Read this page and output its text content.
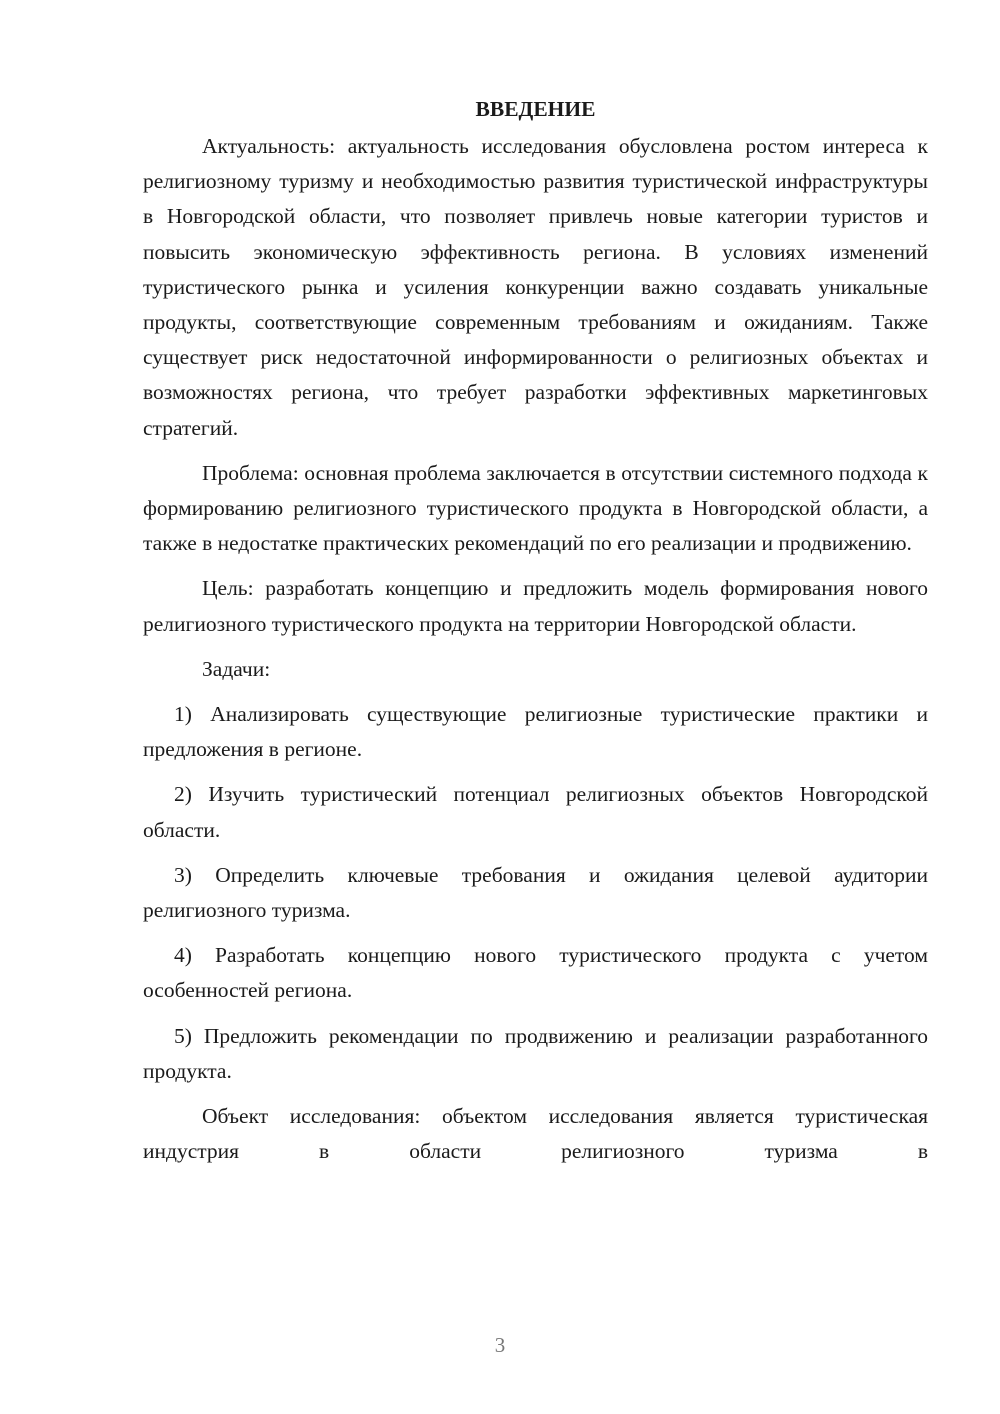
ВВЕДЕНИЕ

Актуальность: актуальность исследования обусловлена ростом интереса к религиозному туризму и необходимостью развития туристической инфраструктуры в Новгородской области, что позволяет привлечь новые категории туристов и повысить экономическую эффективность региона. В условиях изменений туристического рынка и усиления конкуренции важно создавать уникальные продукты, соответствующие современным требованиям и ожиданиям. Также существует риск недостаточной информированности о религиозных объектах и возможностях региона, что требует разработки эффективных маркетинговых стратегий.

Проблема: основная проблема заключается в отсутствии системного подхода к формированию религиозного туристического продукта в Новгородской области, а также в недостатке практических рекомендаций по его реализации и продвижению.

Цель: разработать концепцию и предложить модель формирования нового религиозного туристического продукта на территории Новгородской области.

Задачи:

1) Анализировать существующие религиозные туристические практики и предложения в регионе.

2) Изучить туристический потенциал религиозных объектов Новгородской области.

3) Определить ключевые требования и ожидания целевой аудитории религиозного туризма.

4) Разработать концепцию нового туристического продукта с учетом особенностей региона.

5) Предложить рекомендации по продвижению и реализации разработанного продукта.

Объект исследования: объектом исследования является туристическая индустрия в области религиозного туризма в

3
